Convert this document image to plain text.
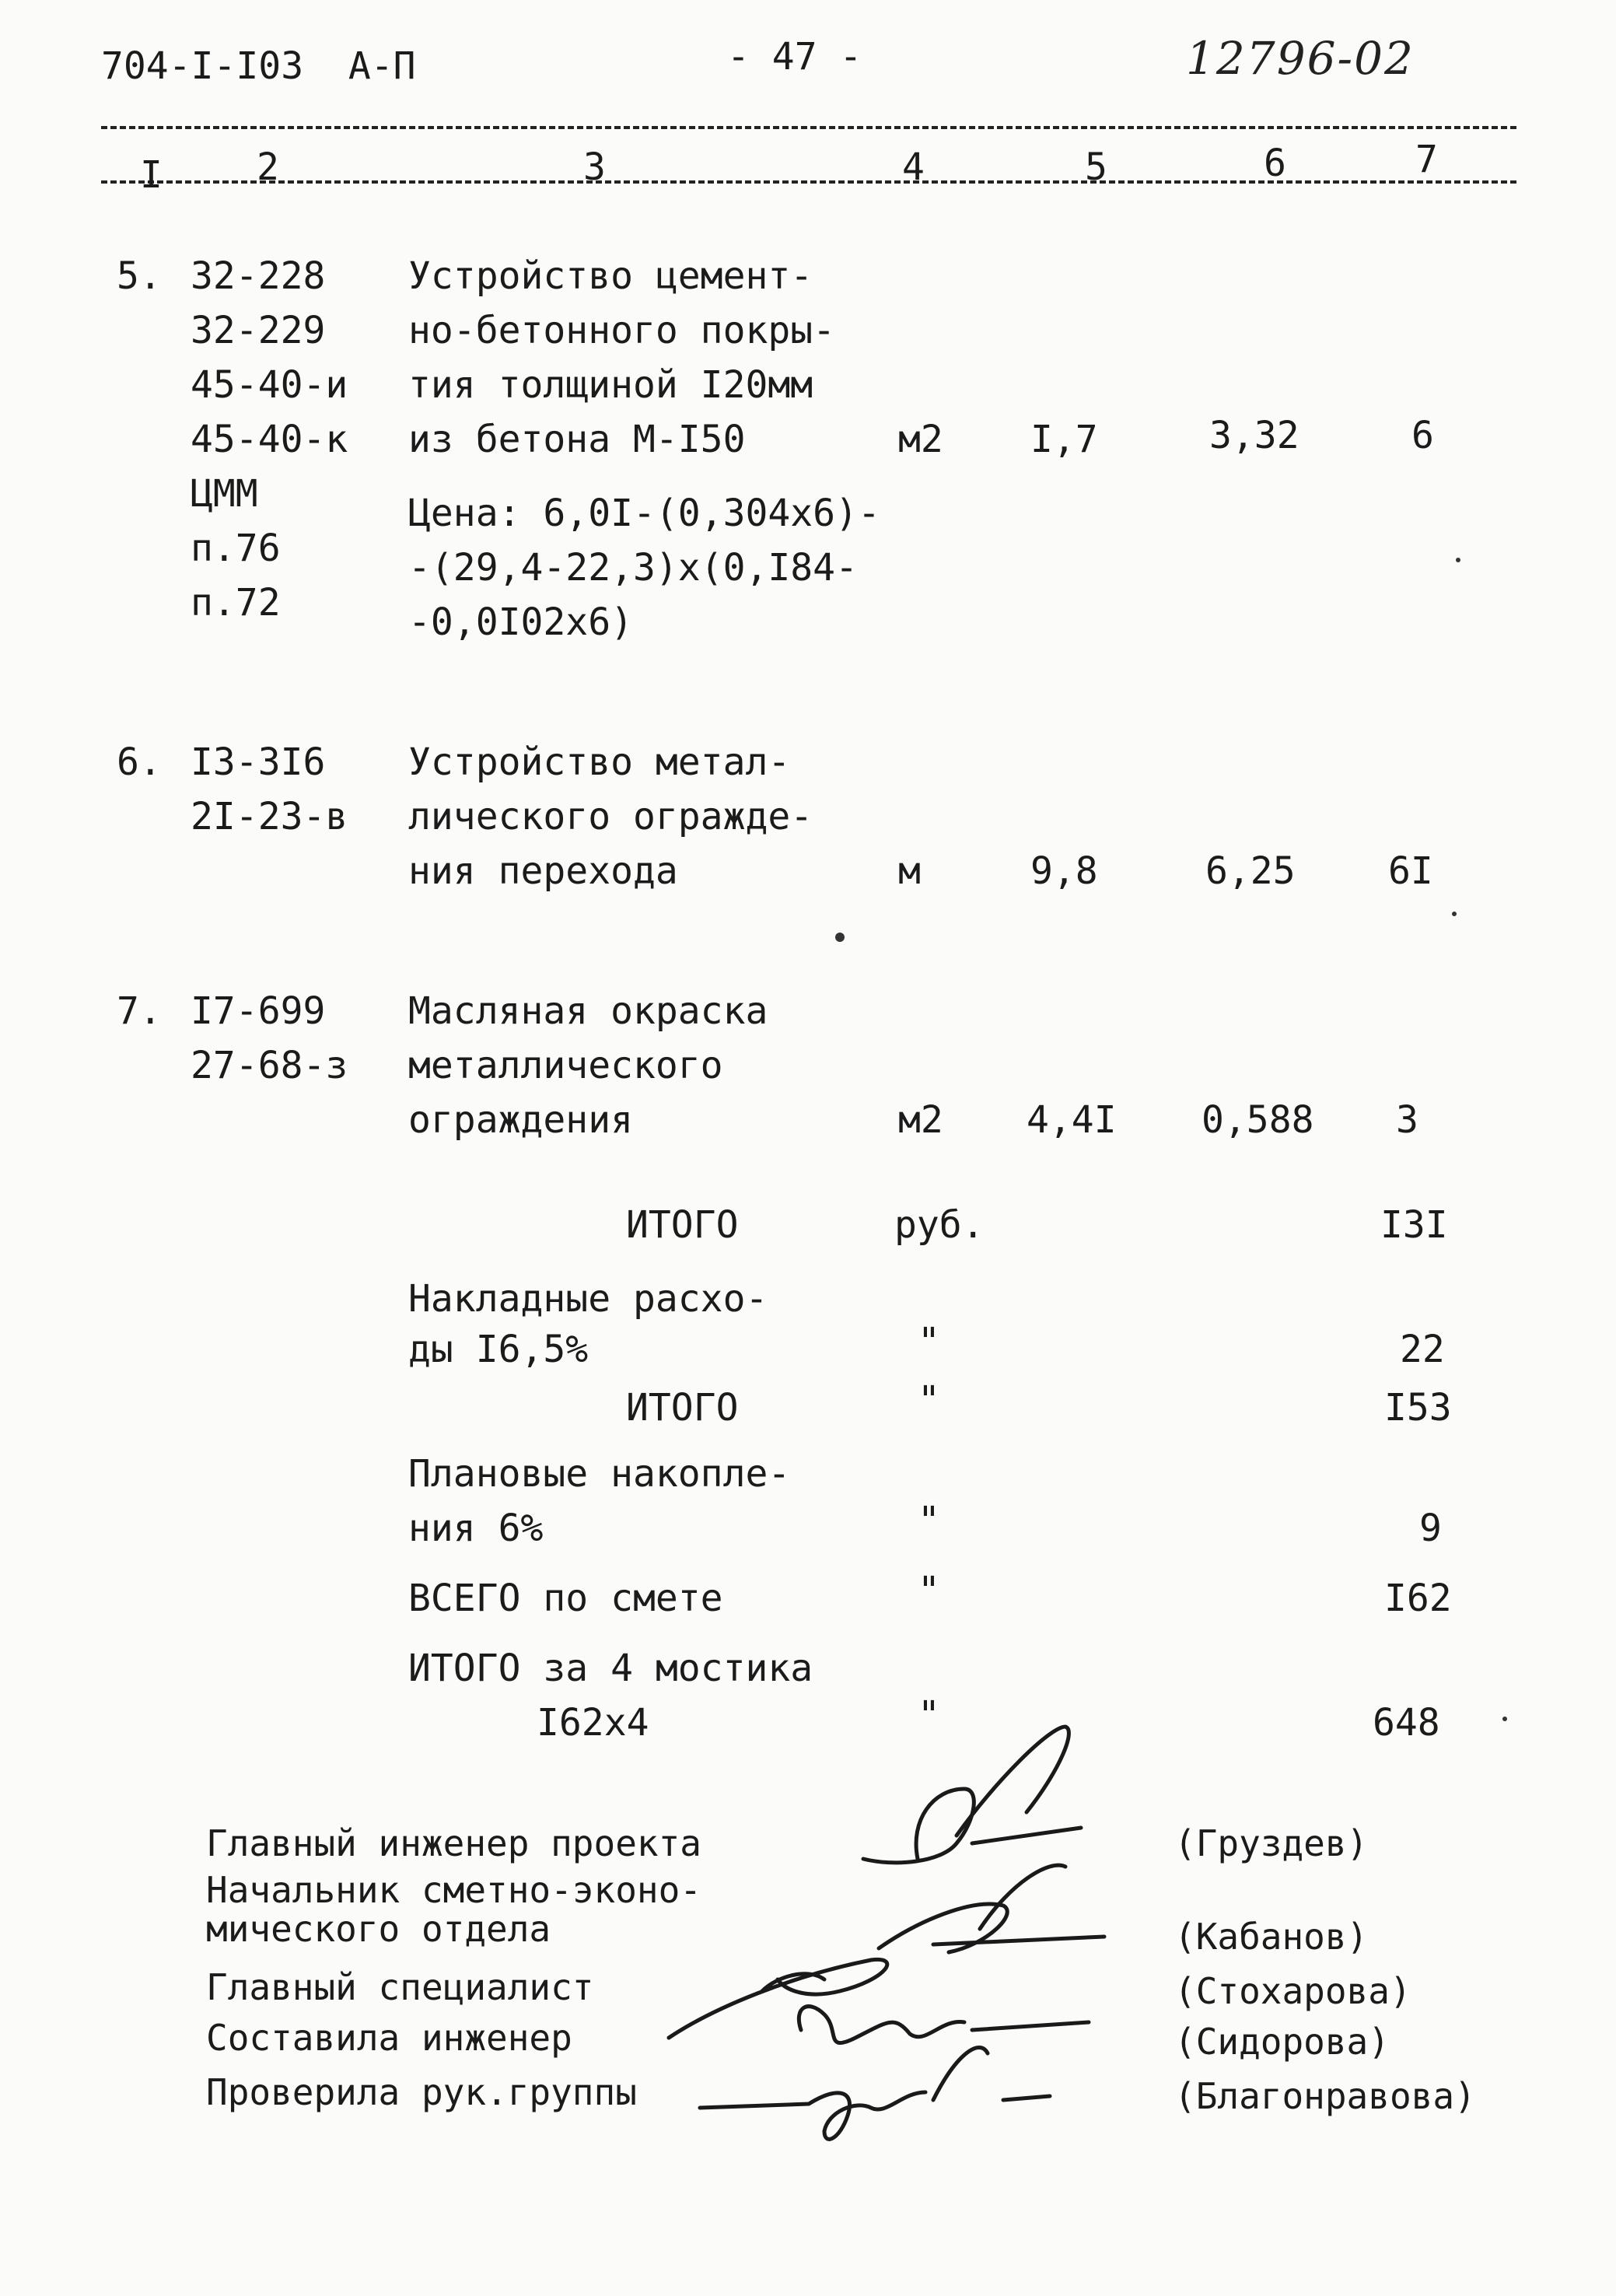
704-I-I03  А-П	- 47 -	12796-02
I	2	3	4	5	6	7
5. 32-228
32-229
45-40-и
45-40-к
ЦММ
п.76
п.72
Устройство цемент-
но-бетонного покры-
тия толщиной I20мм
из бетона М-I50
Цена: 6,0I-(0,304х6)-
-(29,4-22,3)х(0,I84-
-0,0I02х6)
м2 I,7	3,32	6
6. I3-3I6
2I-23-в
Устройство метал-
лического огражде-
ния перехода	м	9,8	6,25 6I
7. I7-699
27-68-з
Масляная окраска
металлического
ограждения	м2 4,4I 0,588 3
ИТОГО	руб.	I3I
Накладные расхо-
ды I6,5%	"	22
ИТОГО	"	I53
Плановые накопле-
ния 6%	"	9
ВСЕГО по смете	"	I62
ИТОГО за 4 мостика
I62х4	"	648
Главный инженер проекта	(Груздев)
Начальник сметно-эконо-
мического отдела	(Кабанов)
Главный специалист	(Стохарова)
Составила инженер	(Сидорова)
Проверила рук.группы	(Благонравова)
